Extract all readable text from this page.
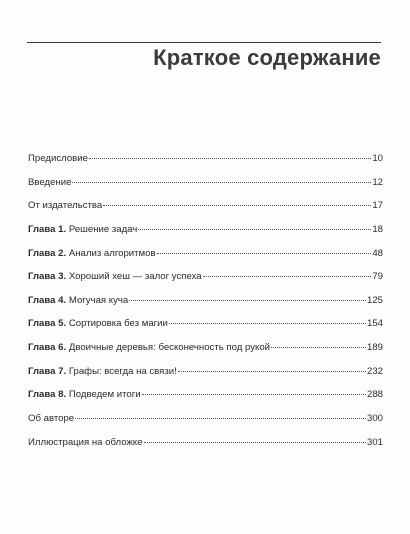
Краткое содержание
Предисловие	10
Введение	12
От издательства	17
Глава 1. Решение задач	18
Глава 2. Анализ алгоритмов	48
Глава 3. Хороший хеш — залог успеха	79
Глава 4. Могучая куча	125
Глава 5. Сортировка без магии	154
Глава 6. Двоичные деревья: бесконечность под рукой	189
Глава 7. Графы: всегда на связи!	232
Глава 8. Подведем итоги	288
Об авторе	300
Иллюстрация на обложке	301
